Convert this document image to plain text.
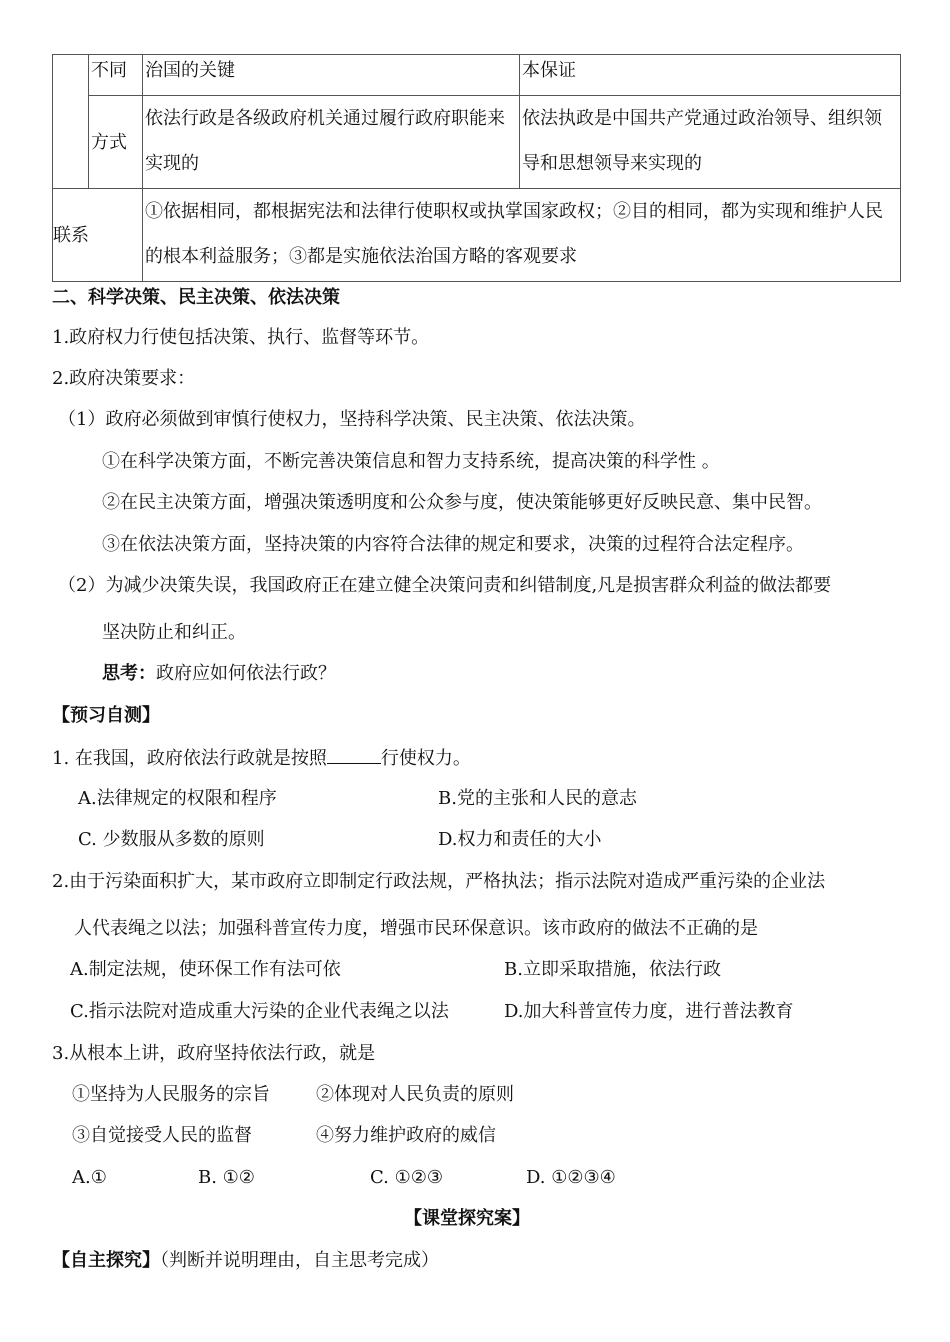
	不同	治国的关键	本保证
	方式	依法行政是各级政府机关通过履行政府职能来实现的	依法执政是中国共产党通过政治领导、组织领导和思想领导来实现的
联系		①依据相同，都根据宪法和法律行使职权或执掌国家政权；②目的相同，都为实现和维护人民的根本利益服务；③都是实施依法治国方略的客观要求	
二、科学决策、民主决策、依法决策
1.政府权力行使包括决策、执行、监督等环节。
2.政府决策要求：
（1）政府必须做到审慎行使权力，坚持科学决策、民主决策、依法决策。
①在科学决策方面，不断完善决策信息和智力支持系统，提高决策的科学性 。
②在民主决策方面，增强决策透明度和公众参与度，使决策能够更好反映民意、集中民智。
③在依法决策方面，坚持决策的内容符合法律的规定和要求，决策的过程符合法定程序。
（2）为减少决策失误，我国政府正在建立健全决策问责和纠错制度,凡是损害群众利益的做法都要
坚决防止和纠正。
思考：政府应如何依法行政？
【预习自测】
1. 在我国，政府依法行政就是按照	行使权力。
A.法律规定的权限和程序	B.党的主张和人民的意志
C. 少数服从多数的原则	D.权力和责任的大小
2.由于污染面积扩大，某市政府立即制定行政法规，严格执法；指示法院对造成严重污染的企业法
人代表绳之以法；加强科普宣传力度，增强市民环保意识。该市政府的做法不正确的是
A.制定法规，使环保工作有法可依	B.立即采取措施，依法行政
C.指示法院对造成重大污染的企业代表绳之以法	D.加大科普宣传力度，进行普法教育
3.从根本上讲，政府坚持依法行政，就是
①坚持为人民服务的宗旨	②体现对人民负责的原则
③自觉接受人民的监督	④努力维护政府的威信
A.①	B. ①②	C. ①②③	D. ①②③④
【课堂探究案】
【自主探究】（判断并说明理由，自主思考完成）
